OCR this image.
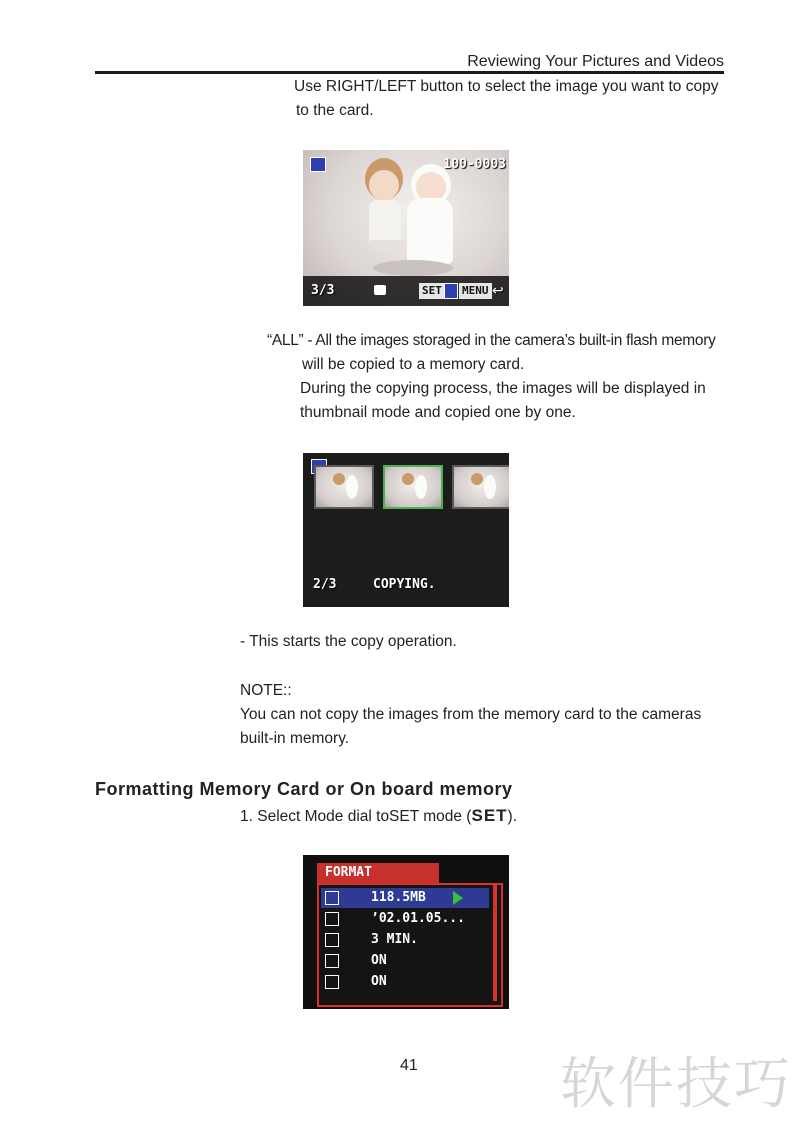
Reviewing Your Pictures and Videos
Use RIGHT/LEFT button to select the image you want to copy
to the card.
100-0003
3/3	SET MENU ↩
“ALL” - All the images storaged in the camera’s built-in flash memory
will be copied to a memory card.
During the copying process, the images will be displayed in
thumbnail mode and copied one by one.
2/3	COPYING.
- This starts the copy operation.
NOTE::
You can not copy the images from the memory card to the cameras
built-in memory.
Formatting Memory Card or On board memory
1. Select Mode dial toSET mode (SET).
FORMAT
118.5MB
’02.01.05...
3 MIN.
ON
ON
41	软件技巧
